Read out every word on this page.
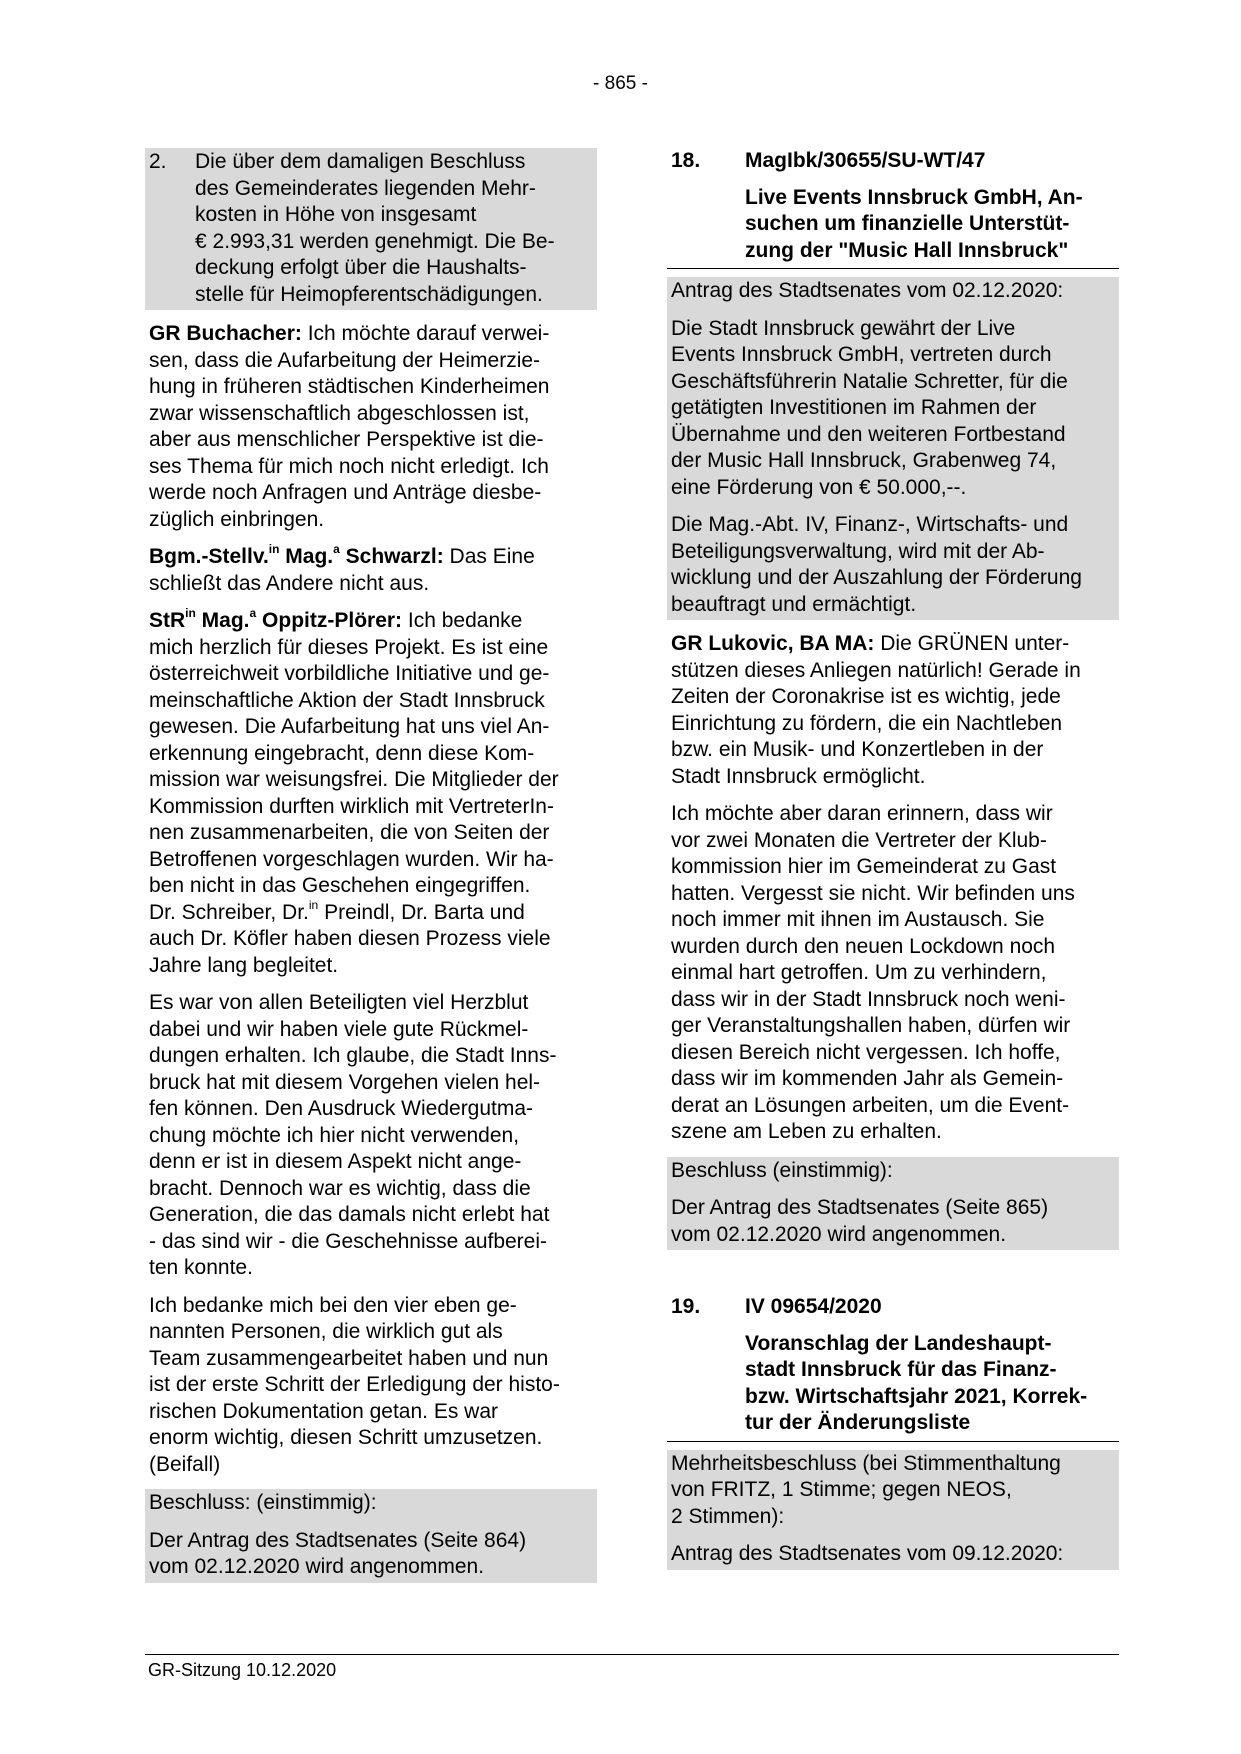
- 865 -
2.	Die über dem damaligen Beschluss
des Gemeinderates liegenden Mehr-
kosten in Höhe von insgesamt
€ 2.993,31 werden genehmigt. Die Be-
deckung erfolgt über die Haushalts-
stelle für Heimopferentschädigungen.
GR Buchacher: Ich möchte darauf verwei-
sen, dass die Aufarbeitung der Heimerzie-
hung in früheren städtischen Kinderheimen
zwar wissenschaftlich abgeschlossen ist,
aber aus menschlicher Perspektive ist die-
ses Thema für mich noch nicht erledigt. Ich
werde noch Anfragen und Anträge diesbe-
züglich einbringen.
Bgm.-Stellv.$^{in}$ Mag.$^a$ Schwarzl: Das Eine
schließt das Andere nicht aus.
StR$^{in}$ Mag.$^a$ Oppitz-Plörer: Ich bedanke
mich herzlich für dieses Projekt. Es ist eine
österreichweit vorbildliche Initiative und ge-
meinschaftliche Aktion der Stadt Innsbruck
gewesen. Die Aufarbeitung hat uns viel An-
erkennung eingebracht, denn diese Kom-
mission war weisungsfrei. Die Mitglieder der
Kommission durften wirklich mit VertreterIn-
nen zusammenarbeiten, die von Seiten der
Betroffenen vorgeschlagen wurden. Wir ha-
ben nicht in das Geschehen eingegriffen.
Dr. Schreiber, Dr.$^{in}$ Preindl, Dr. Barta und
auch Dr. Köfler haben diesen Prozess viele
Jahre lang begleitet.
Es war von allen Beteiligten viel Herzblut
dabei und wir haben viele gute Rückmel-
dungen erhalten. Ich glaube, die Stadt Inns-
bruck hat mit diesem Vorgehen vielen hel-
fen können. Den Ausdruck Wiedergutma-
chung möchte ich hier nicht verwenden,
denn er ist in diesem Aspekt nicht ange-
bracht. Dennoch war es wichtig, dass die
Generation, die das damals nicht erlebt hat
- das sind wir - die Geschehnisse aufberei-
ten konnte.
Ich bedanke mich bei den vier eben ge-
nannten Personen, die wirklich gut als
Team zusammengearbeitet haben und nun
ist der erste Schritt der Erledigung der histo-
rischen Dokumentation getan. Es war
enorm wichtig, diesen Schritt umzusetzen.
(Beifall)
Beschluss: (einstimmig):
Der Antrag des Stadtsenates (Seite 864)
vom 02.12.2020 wird angenommen.
18.	MagIbk/30655/SU-WT/47
Live Events Innsbruck GmbH, An-
suchen um finanzielle Unterstüt-
zung der "Music Hall Innsbruck"
Antrag des Stadtsenates vom 02.12.2020:
Die Stadt Innsbruck gewährt der Live
Events Innsbruck GmbH, vertreten durch
Geschäftsführerin Natalie Schretter, für die
getätigten Investitionen im Rahmen der
Übernahme und den weiteren Fortbestand
der Music Hall Innsbruck, Grabenweg 74,
eine Förderung von € 50.000,--.
Die Mag.-Abt. IV, Finanz-, Wirtschafts- und
Beteiligungsverwaltung, wird mit der Ab-
wicklung und der Auszahlung der Förderung
beauftragt und ermächtigt.
GR Lukovic, BA MA: Die GRÜNEN unter-
stützen dieses Anliegen natürlich! Gerade in
Zeiten der Coronakrise ist es wichtig, jede
Einrichtung zu fördern, die ein Nachtleben
bzw. ein Musik- und Konzertleben in der
Stadt Innsbruck ermöglicht.
Ich möchte aber daran erinnern, dass wir
vor zwei Monaten die Vertreter der Klub-
kommission hier im Gemeinderat zu Gast
hatten. Vergesst sie nicht. Wir befinden uns
noch immer mit ihnen im Austausch. Sie
wurden durch den neuen Lockdown noch
einmal hart getroffen. Um zu verhindern,
dass wir in der Stadt Innsbruck noch weni-
ger Veranstaltungshallen haben, dürfen wir
diesen Bereich nicht vergessen. Ich hoffe,
dass wir im kommenden Jahr als Gemein-
derat an Lösungen arbeiten, um die Event-
szene am Leben zu erhalten.
Beschluss (einstimmig):
Der Antrag des Stadtsenates (Seite 865)
vom 02.12.2020 wird angenommen.
19.	IV 09654/2020
Voranschlag der Landeshaupt-
stadt Innsbruck für das Finanz-
bzw. Wirtschaftsjahr 2021, Korrek-
tur der Änderungsliste
Mehrheitsbeschluss (bei Stimmenthaltung
von FRITZ, 1 Stimme; gegen NEOS,
2 Stimmen):
Antrag des Stadtsenates vom 09.12.2020:
GR-Sitzung 10.12.2020
